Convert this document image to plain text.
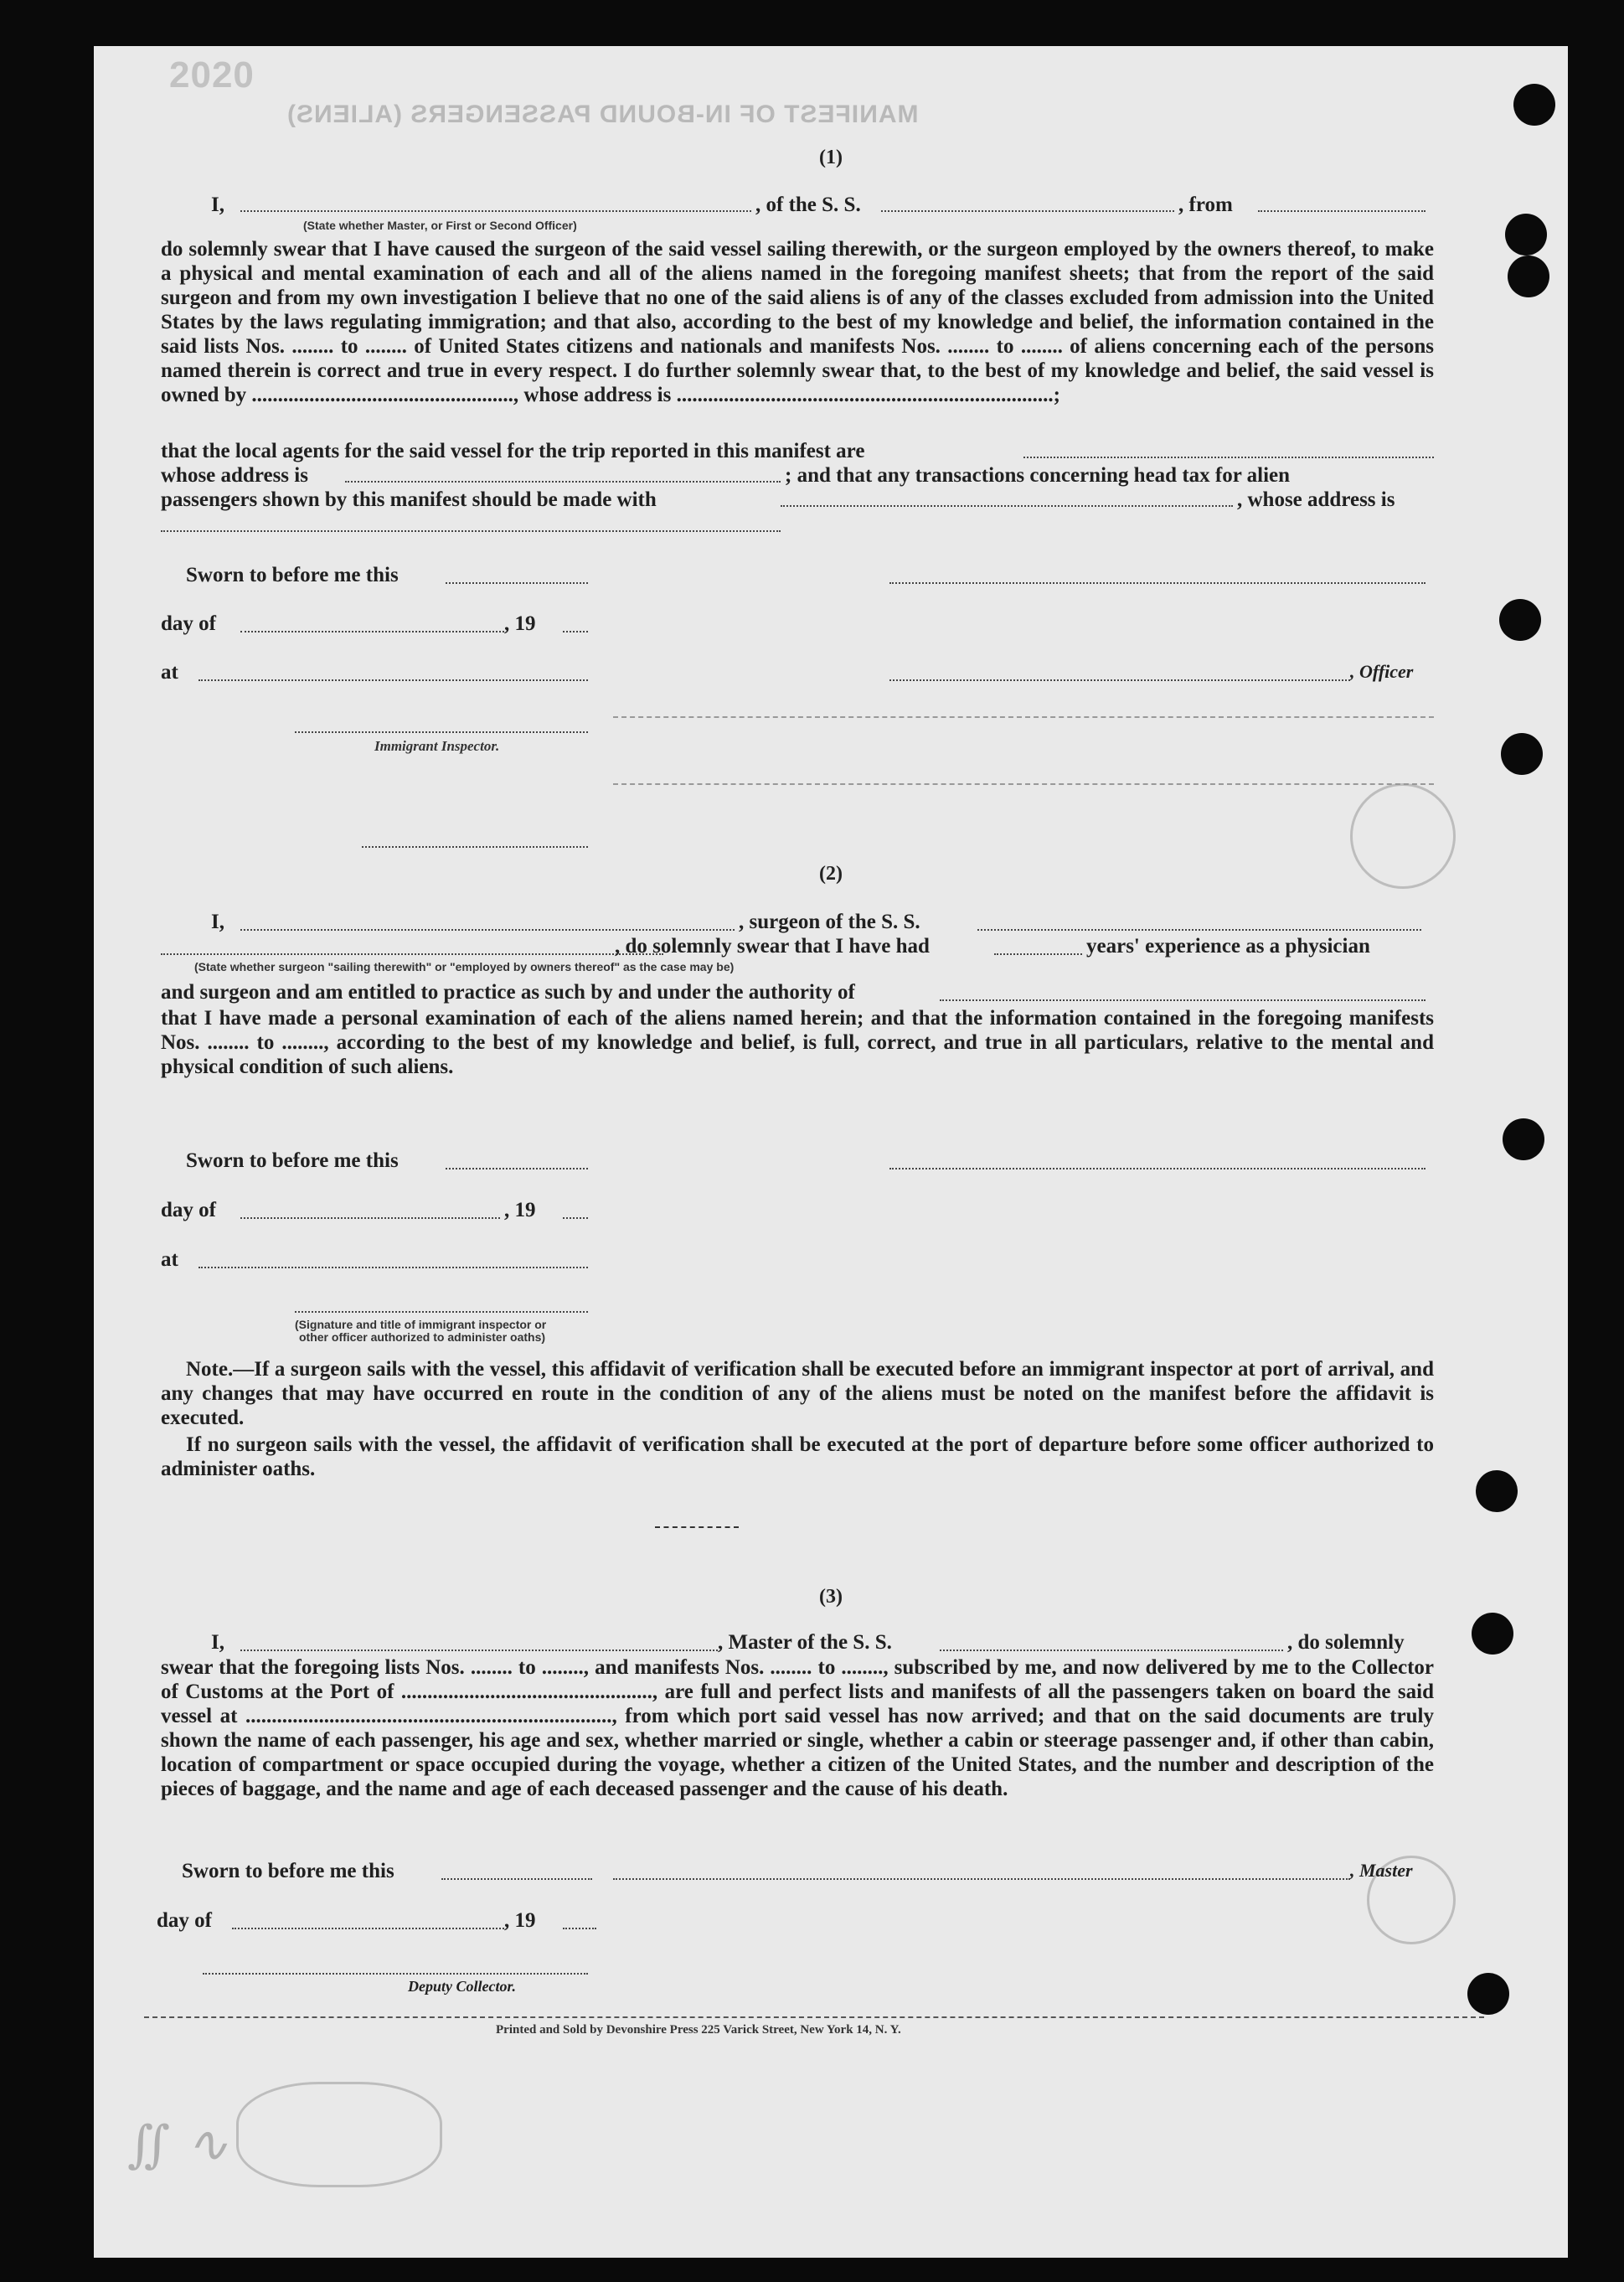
MANIFEST OF IN-BOUND PASSENGERS (ALIENS)
2020
(1)
I,	, of the S. S.	, from
(State whether Master, or First or Second Officer)
do solemnly swear that I have caused the surgeon of the said vessel sailing therewith, or the surgeon employed by the owners thereof, to make a physical and mental examination of each and all of the aliens named in the foregoing manifest sheets; that from the report of the said surgeon and from my own investigation I believe that no one of the said aliens is of any of the classes excluded from admission into the United States by the laws regulating immigration; and that also, according to the best of my knowledge and belief, the information contained in the said lists Nos. ........ to ........ of United States citizens and nationals and manifests Nos. ........ to ........ of aliens concerning each of the persons named therein is correct and true in every respect. I do further solemnly swear that, to the best of my knowledge and belief, the said vessel is owned by .................................................., whose address is ........................................................................;
that the local agents for the said vessel for the trip reported in this manifest are
whose address is	; and that any transactions concerning head tax for alien
passengers shown by this manifest should be made with	, whose address is
Sworn to before me this
day of	, 19
at	, Officer
Immigrant Inspector.
(2)
I,	, surgeon of the S. S.
, do solemnly swear that I have had	years' experience as a physician
(State whether surgeon "sailing therewith" or "employed by owners thereof" as the case may be)
and surgeon and am entitled to practice as such by and under the authority of
that I have made a personal examination of each of the aliens named herein; and that the information contained in the foregoing manifests Nos. ........ to ........, according to the best of my knowledge and belief, is full, correct, and true in all particulars, relative to the mental and physical condition of such aliens.
Sworn to before me this
day of	, 19
at
(Signature and title of immigrant inspector or
other officer authorized to administer oaths)
Note.—If a surgeon sails with the vessel, this affidavit of verification shall be executed before an immigrant inspector at port of arrival, and any changes that may have occurred en route in the condition of any of the aliens must be noted on the manifest before the affidavit is executed.
If no surgeon sails with the vessel, the affidavit of verification shall be executed at the port of departure before some officer authorized to administer oaths.
(3)
I,	, Master of the S. S.	, do solemnly
swear that the foregoing lists Nos. ........ to ........, and manifests Nos. ........ to ........, subscribed by me, and now delivered by me to the Collector of Customs at the Port of ................................................, are full and perfect lists and manifests of all the passengers taken on board the said vessel at ......................................................................, from which port said vessel has now arrived; and that on the said documents are truly shown the name of each passenger, his age and sex, whether married or single, whether a cabin or steerage passenger and, if other than cabin, location of compartment or space occupied during the voyage, whether a citizen of the United States, and the number and description of the pieces of baggage, and the name and age of each deceased passenger and the cause of his death.
Sworn to before me this	, Master
day of	, 19
Deputy Collector.
Printed and Sold by Devonshire Press 225 Varick Street, New York 14, N. Y.
∬ ∿
